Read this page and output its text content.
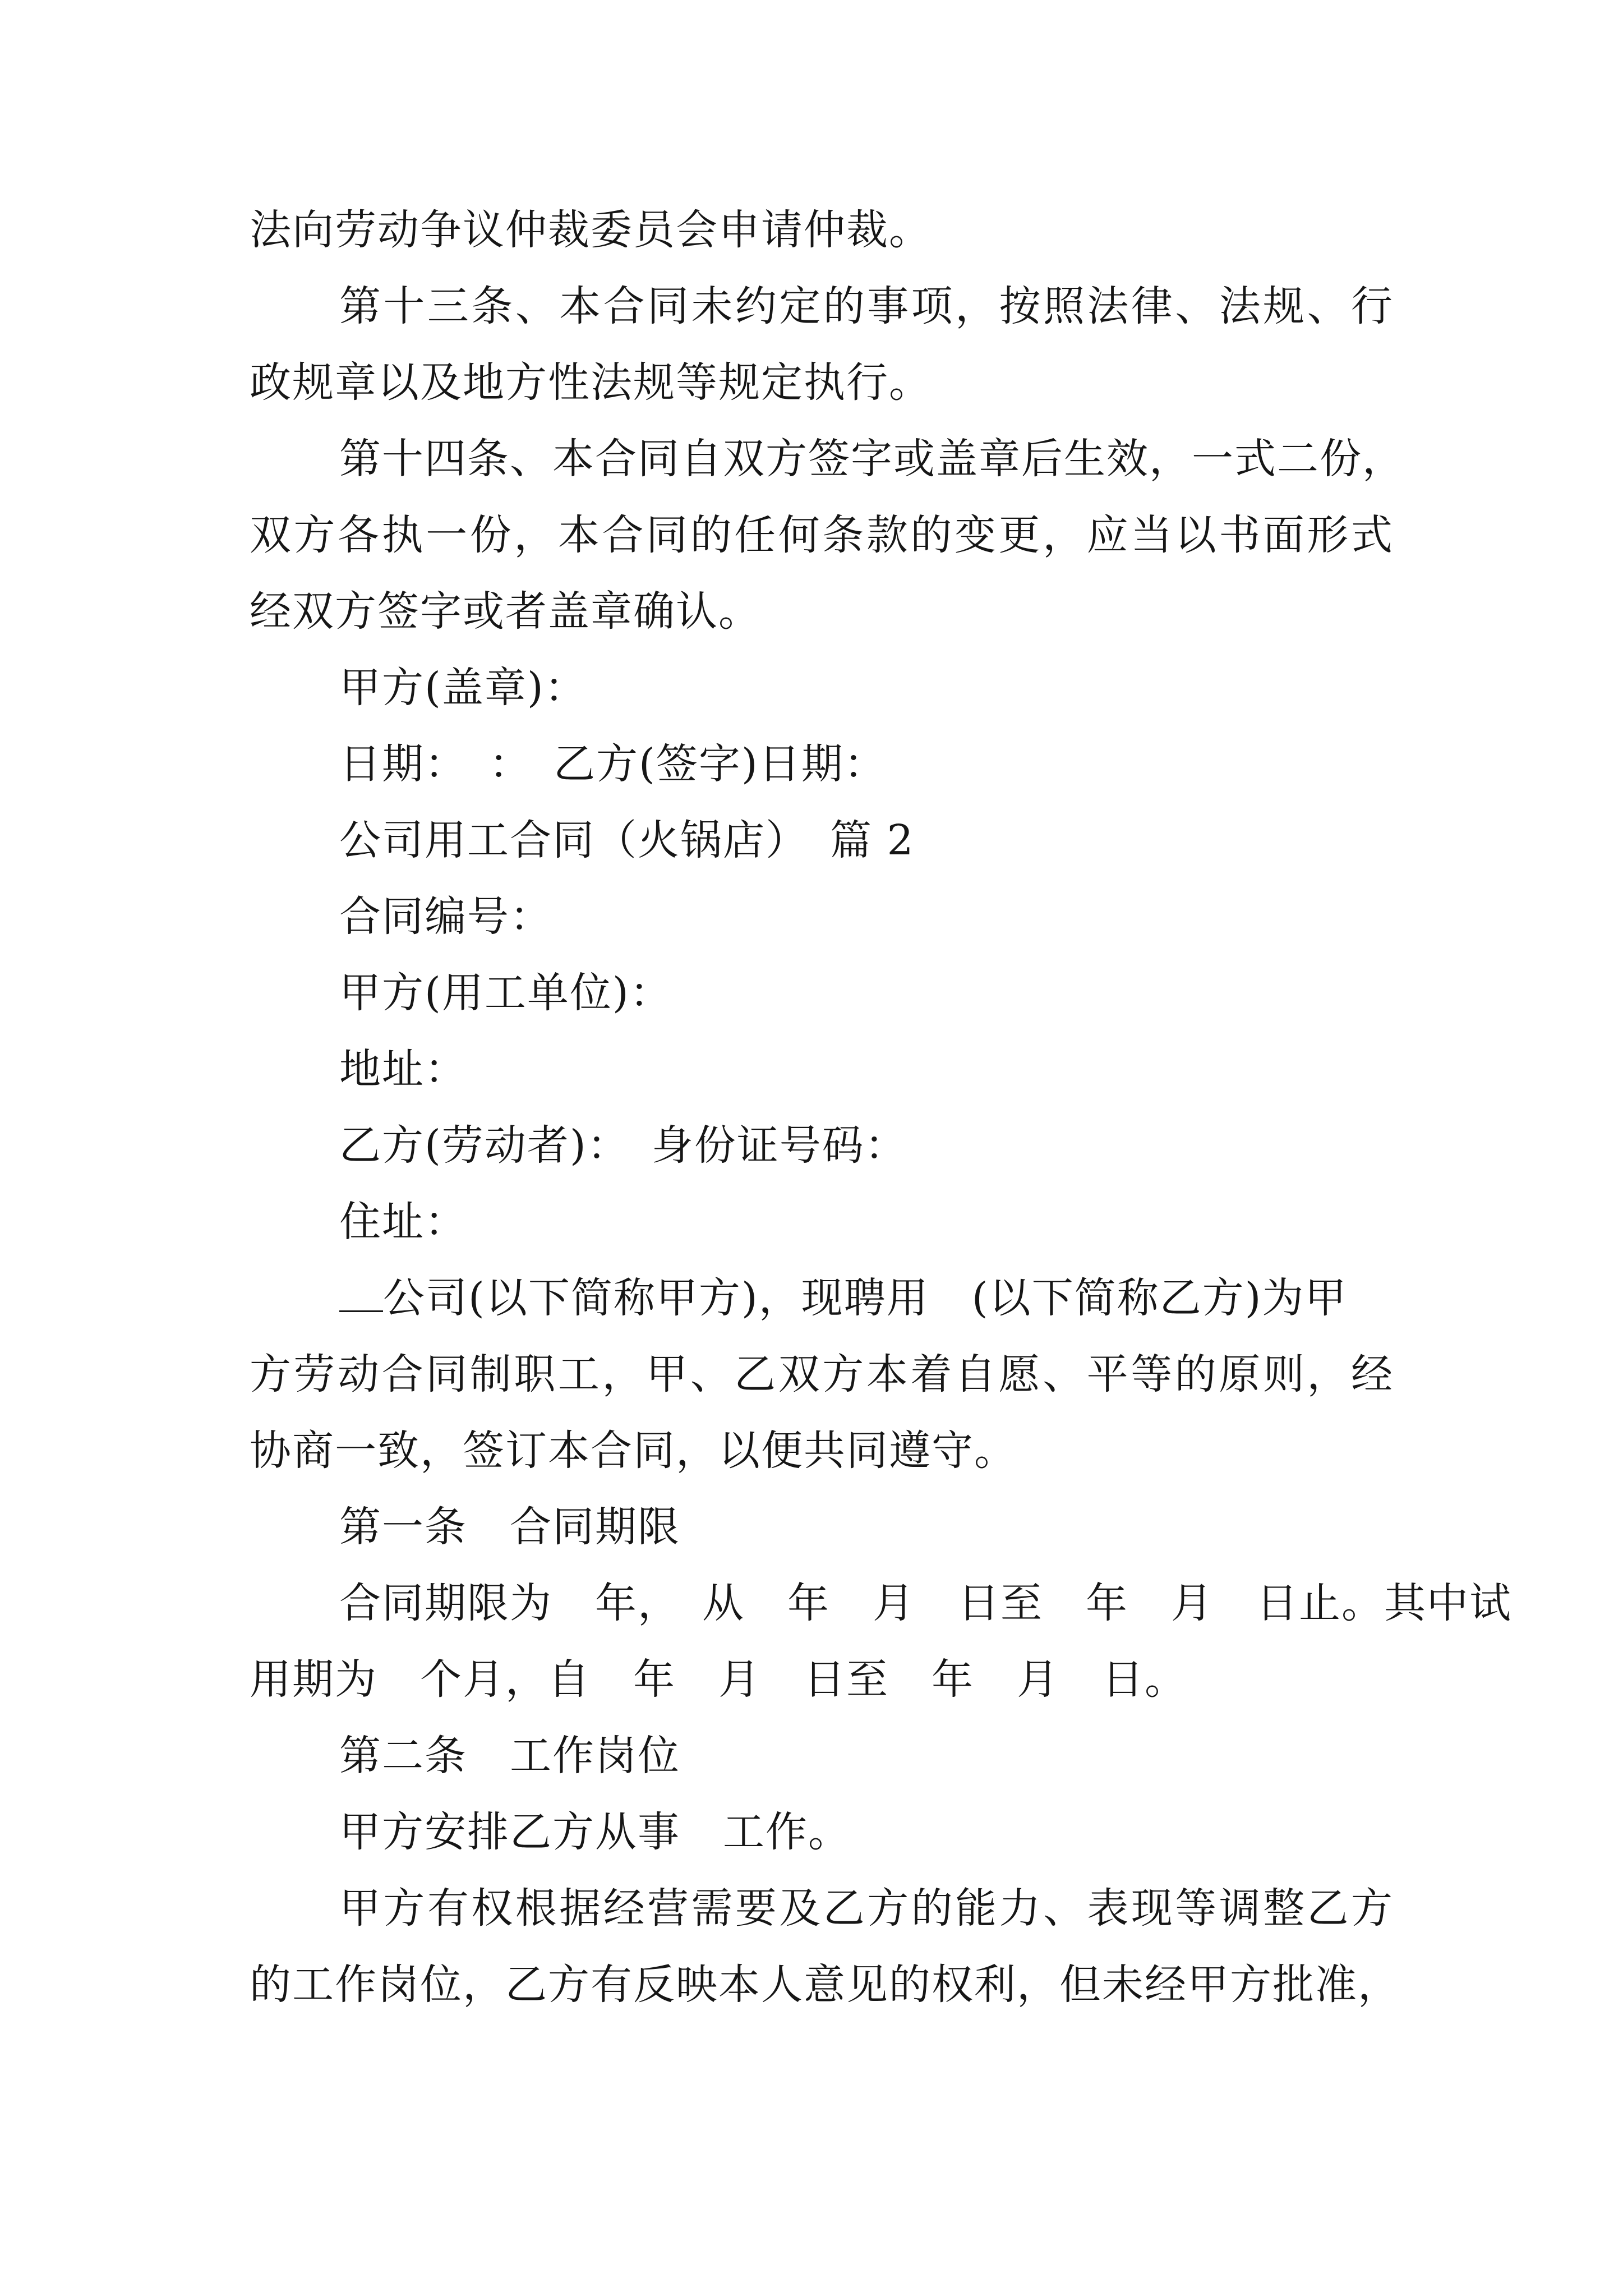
法向劳动争议仲裁委员会申请仲裁。
第十三条、本合同未约定的事项，按照法律、法规、行
政规章以及地方性法规等规定执行。
第十四条、本合同自双方签字或盖章后生效，一式二份，
双方各执一份，本合同的任何条款的变更，应当以书面形式
经双方签字或者盖章确认。
甲方(盖章)：
日期：　：　乙方(签字)日期：
公司用工合同（火锅店）　篇 2
合同编号：
甲方(用工单位)：
地址：
乙方(劳动者)：　身份证号码：
住址：
公司(以下简称甲方)，现聘用　(以下简称乙方)为甲
方劳动合同制职工，甲、乙双方本着自愿、平等的原则，经
协商一致，签订本合同，以便共同遵守。
第一条　合同期限
合同期限为　年，　从　年　月　日至　年　月　日止。其中试
用期为　个月，自　年　月　日至　年　月　日。
第二条　工作岗位
甲方安排乙方从事　工作。
甲方有权根据经营需要及乙方的能力、表现等调整乙方
的工作岗位，乙方有反映本人意见的权利，但未经甲方批准，
